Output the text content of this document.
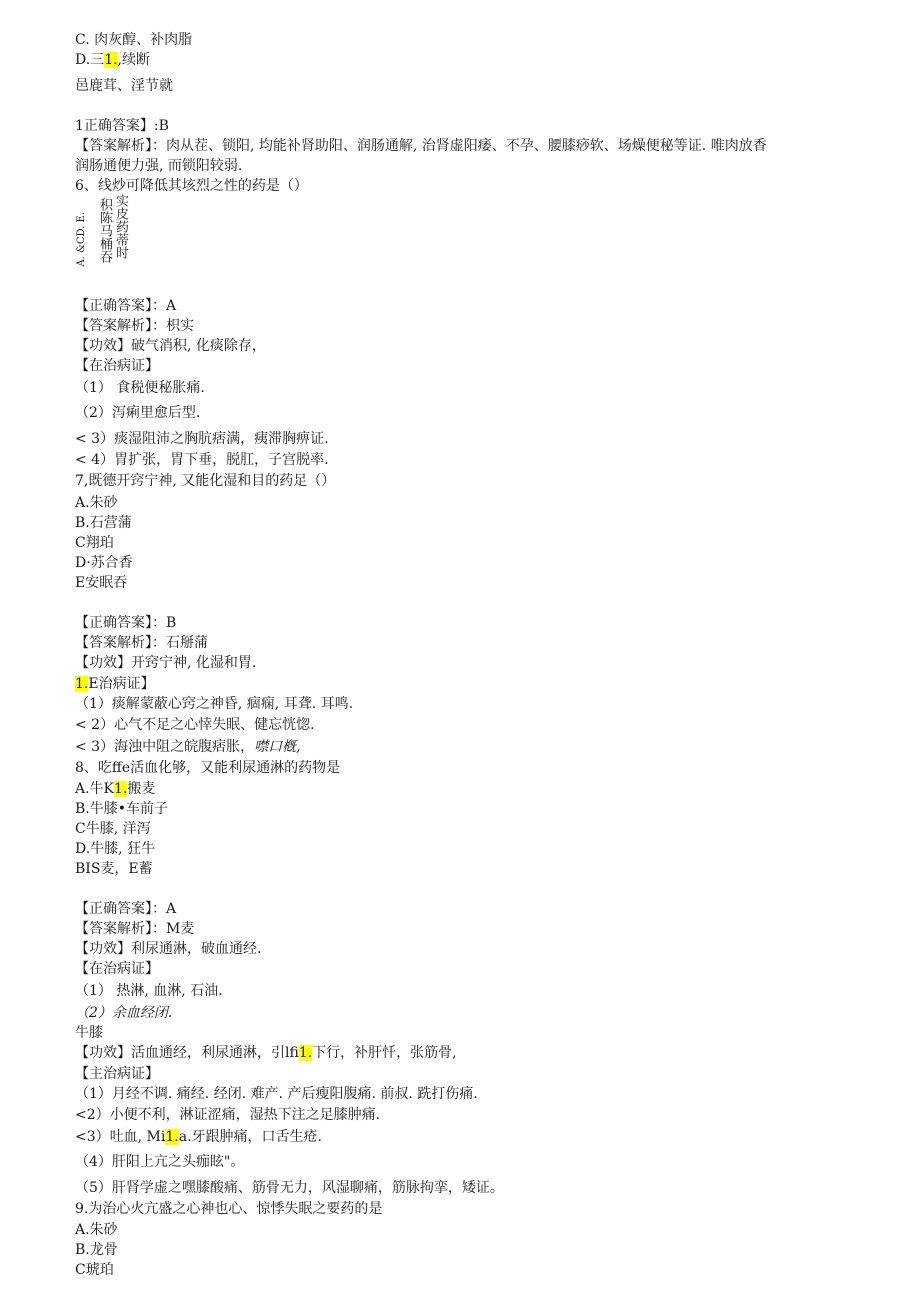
C. 肉灰醇、补肉脂
D.三1.,续断
邑鹿茸、淫节就
1正确答案】:B
【答案解析】：肉从茬、锁阳, 均能补肾助阳、润肠通解, 治肾虚阳痿、不孕、腰膝痧软、场燥便秘等证. 唯肉放香
润肠通便力强, 而锁阳较弱.
6、线炒可降低其垓烈之性的药是（）
A. &CD. E. 积陈马桶吞 实皮药蒂时
【正确答案】：A
【答案解析】：枳实
【功效】破气消积, 化痰除存，
【在治病证】
（1） 食税便秘胀痛.
（2）泻痢里愈后型.
< 3）痰湿阻沛之胸肮痞满，痍滞胸痹证.
< 4）胃扩张，胃下垂，脱肛，子宫脱率.
7,既德开窍宁神, 又能化湿和目的药足（）
A.朱砂
B.石营蒲
C翔珀
D·苏合香
E安眠吞
【正确答案】：B
【答案解析】：石掰蒲
【功效】开窍宁神, 化湿和胃.
1.E治病证】
（1）痰解蒙蔽心窍之神昏, 痼痫, 耳聋. 耳鸣.
< 2）心气不足之心悻失眠、健忘恍惚.
< 3）海浊中阻之皖腹痞胀，噤口槪,
8、吃ffe活血化够，又能利尿通淋的药物是
A.牛K1.搬麦
B.牛膝•车前子
C牛膝, 洋泻
D.牛膝, 狂牛
BIS麦，E蓄
【正确答案】：A
【答案解析】：M麦
【功效】利尿通淋，破血通经.
【在治病证】
（1） 热淋, 血淋, 石油.
（2）余血经闭.
牛膝
【功效】活血通经，利尿通淋，引lfi1.下行，补肝忏，张筋骨,
【主治病证】
（1）月经不调. 痛经. 经闭. 难产. 产后瘦阳腹痛. 前叔. 跣打伤痛.
<2）小便不利，淋证涩痛，湿热下注之足膝肿痛.
<3）吐血, Mi1.a.牙跟肿痛，口舌生疮.
（4）肝阳上亢之头痂眩"。
（5）肝肾学虚之嘿膝酸痛、筋骨无力，风湿聊痛，筋脉拘挛，矮证。
9.为治心火亢盛之心神也心、惊悸失眠之要药的是
A.朱砂
B.龙骨
C琥珀
